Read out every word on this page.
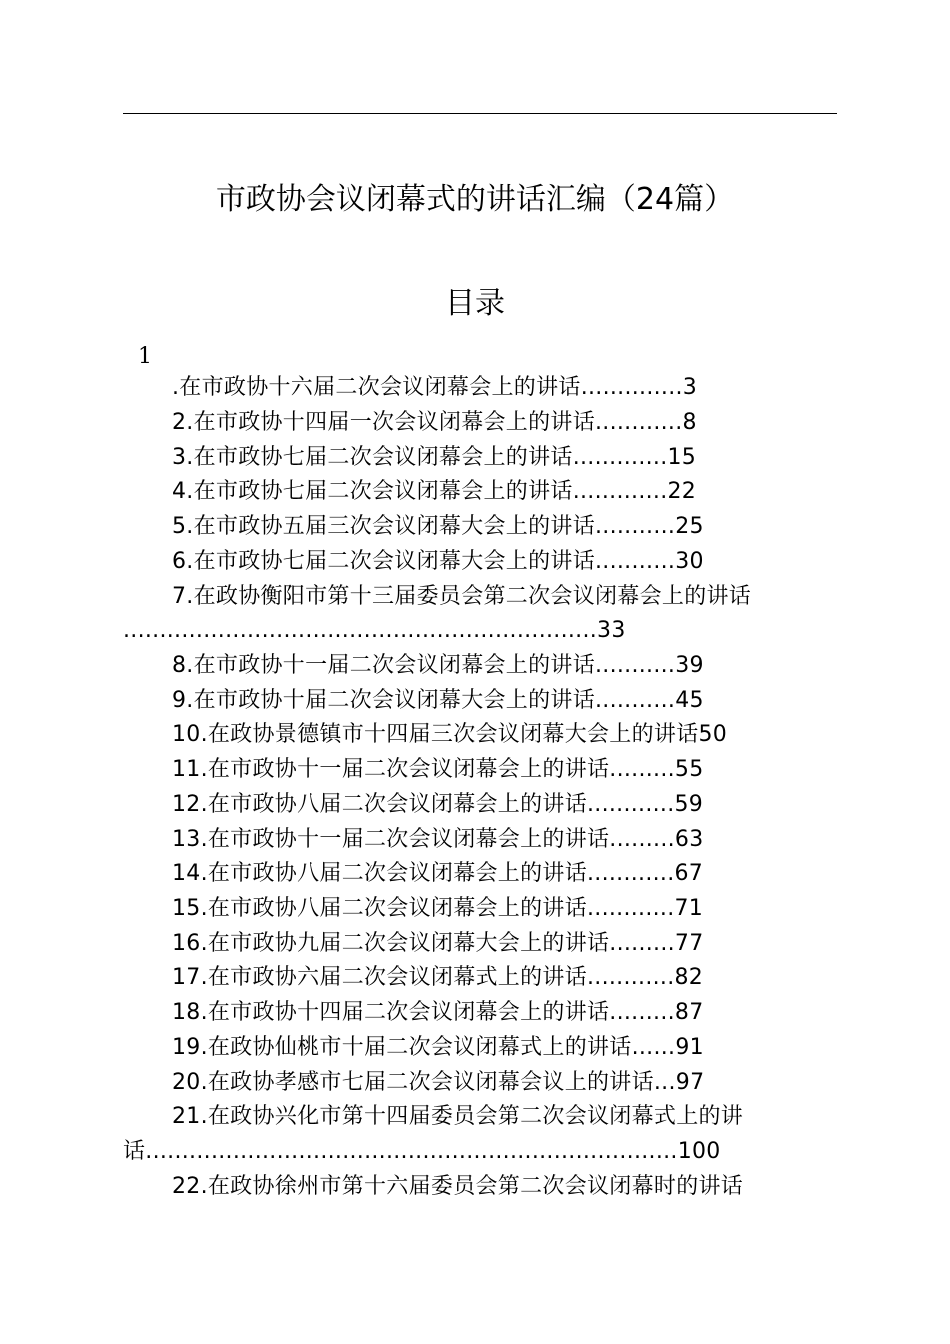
市政协会议闭幕式的讲话汇编（24篇）
目录
1
.在市政协十六届二次会议闭幕会上的讲话..............3
2.在市政协十四届一次会议闭幕会上的讲话............8
3.在市政协七届二次会议闭幕会上的讲话.............15
4.在市政协七届二次会议闭幕会上的讲话.............22
5.在市政协五届三次会议闭幕大会上的讲话...........25
6.在市政协七届二次会议闭幕大会上的讲话...........30
7.在政协衡阳市第十三届委员会第二次会议闭幕会上的讲话
.................................................................33
8.在市政协十一届二次会议闭幕会上的讲话...........39
9.在市政协十届二次会议闭幕大会上的讲话...........45
10.在政协景德镇市十四届三次会议闭幕大会上的讲话50
11.在市政协十一届二次会议闭幕会上的讲话.........55
12.在市政协八届二次会议闭幕会上的讲话............59
13.在市政协十一届二次会议闭幕会上的讲话.........63
14.在市政协八届二次会议闭幕会上的讲话............67
15.在市政协八届二次会议闭幕会上的讲话............71
16.在市政协九届二次会议闭幕大会上的讲话.........77
17.在市政协六届二次会议闭幕式上的讲话............82
18.在市政协十四届二次会议闭幕会上的讲话.........87
19.在政协仙桃市十届二次会议闭幕式上的讲话......91
20.在政协孝感市七届二次会议闭幕会议上的讲话...97
21.在政协兴化市第十四届委员会第二次会议闭幕式上的讲
话.........................................................................100
22.在政协徐州市第十六届委员会第二次会议闭幕时的讲话
